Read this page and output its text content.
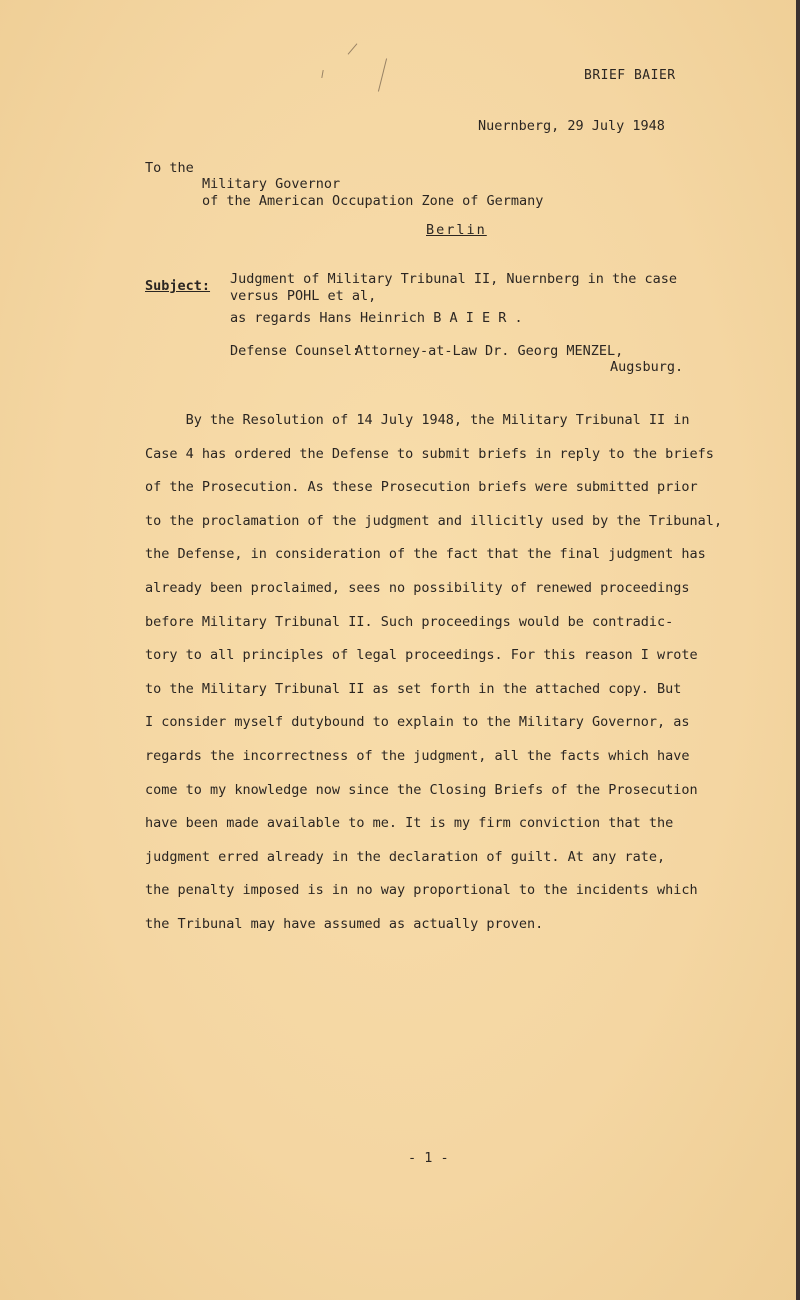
BRIEF BAIER
Nuernberg, 29 July 1948
To the
Military Governor
of the American Occupation Zone of Germany
Berlin
Subject: Judgment of Military Tribunal II, Nuernberg in the case
versus POHL et al,
as regards Hans Heinrich B A I E R .
Defense Counsel:
Attorney-at-Law Dr. Georg MENZEL,
Augsburg.
By the Resolution of 14 July 1948, the Military Tribunal II in
Case 4 has ordered the Defense to submit briefs in reply to the briefs
of the Prosecution. As these Prosecution briefs were submitted prior
to the proclamation of the judgment and illicitly used by the Tribunal,
the Defense, in consideration of the fact that the final judgment has
already been proclaimed, sees no possibility of renewed proceedings
before Military Tribunal II. Such proceedings would be contradic-
tory to all principles of legal proceedings. For this reason I wrote
to the Military Tribunal II as set forth in the attached copy. But
I consider myself dutybound to explain to the Military Governor, as
regards the incorrectness of the judgment, all the facts which have
come to my knowledge now since the Closing Briefs of the Prosecution
have been made available to me. It is my firm conviction that the
judgment erred already in the declaration of guilt. At any rate,
the penalty imposed is in no way proportional to the incidents which
the Tribunal may have assumed as actually proven.
- 1 -
